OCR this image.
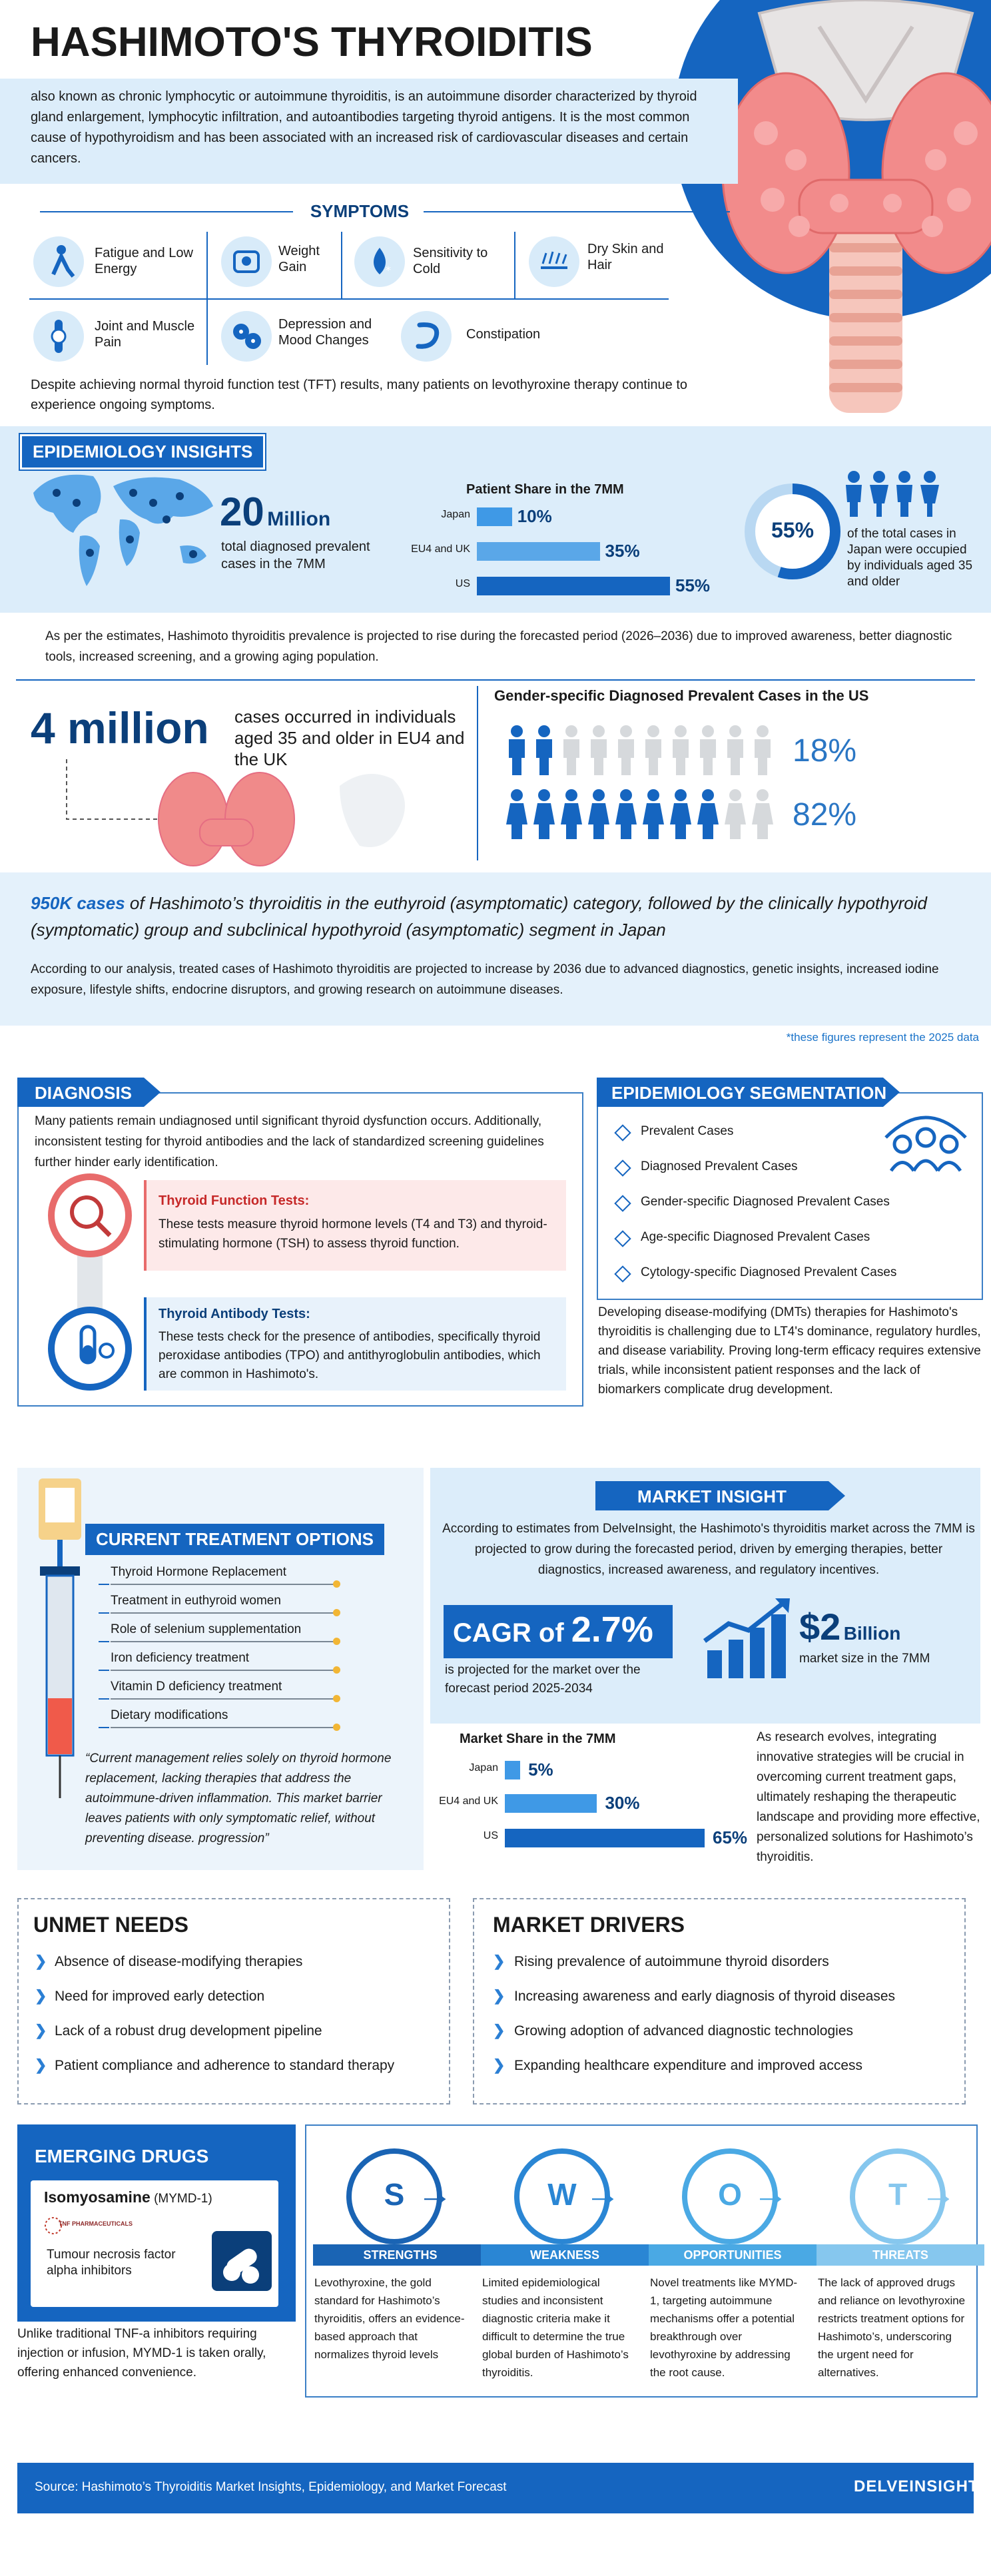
HASHIMOTO'S THYROIDITIS

also known as chronic lymphocytic or autoimmune thyroiditis, is an autoimmune disorder characterized by thyroid gland enlargement, lymphocytic infiltration, and autoantibodies targeting thyroid antigens. It is the most common cause of hypothyroidism and has been associated with an increased risk of cardiovascular diseases and certain cancers.

SYMPTOMS
*
Fatigue and Low Energy
Weight Gain
Sensitivity to Cold
Dry Skin and Hair
Joint and Muscle Pain
Depression and Mood Changes	Constipation

Despite achieving normal thyroid function test (TFT) results, many patients on levothyroxine therapy continue to experience ongoing symptoms.

EPIDEMIOLOGY INSIGHTS
20 Million

total diagnosed prevalent cases in the 7MM

Patient Share in the 7MM
55%	of the total cases in Japan were occupied by individuals aged 35 and older

As per the estimates, Hashimoto thyroiditis prevalence is projected to rise during the forecasted period (2026–2036) due to improved awareness, better diagnostic tools, increased screening, and a growing aging population.

4 million cases occurred in individuals aged 35 and older in EU4 and the UK

Gender-specific Diagnosed Prevalent Cases in the US
18%
82%

950K cases of Hashimoto’s thyroiditis in the euthyroid (asymptomatic) category, followed by the clinically hypothyroid (symptomatic) group and subclinical hypothyroid (asymptomatic) segment in Japan

According to our analysis, treated cases of Hashimoto thyroiditis are projected to increase by 2036 due to advanced diagnostics, genetic insights, increased iodine exposure, lifestyle shifts, endocrine disruptors, and growing research on autoimmune diseases.

*these figures represent the 2025 data
DIAGNOSIS

Many patients remain undiagnosed until significant thyroid dysfunction occurs. Additionally, inconsistent testing for thyroid antibodies and the lack of standardized screening guidelines further hinder early identification.

Thyroid Function Tests:

These tests measure thyroid hormone levels (T4 and T3) and thyroid-stimulating hormone (TSH) to assess thyroid function.

Thyroid Antibody Tests:

These tests check for the presence of antibodies, specifically thyroid peroxidase antibodies (TPO) and antithyroglobulin antibodies, which are common in Hashimoto's.

EPIDEMIOLOGY SEGMENTATION

Developing disease-modifying (DMTs) therapies for Hashimoto's thyroiditis is challenging due to LT4's dominance, regulatory hurdles, and disease variability. Proving long-term efficacy requires extensive trials, while inconsistent patient responses and the lack of biomarkers complicate drug development.

CURRENT TREATMENT OPTIONS

“Current management relies solely on thyroid hormone replacement, lacking therapies that address the autoimmune-driven inflammation. This market barrier leaves patients with only symptomatic relief, without preventing disease. progression”

MARKET INSIGHT

According to estimates from DelveInsight, the Hashimoto's thyroiditis market across the 7MM is projected to grow during the forecasted period, driven by emerging therapies, better diagnostics, increased awareness, and regulatory incentives.

CAGR of 2.7%

is projected for the market over the forecast period 2025-2034

$2 Billion
market size in the 7MM
Market Share in the 7MM	As research evolves, integrating innovative strategies will be crucial in overcoming current treatment gaps, ultimately reshaping the therapeutic landscape and providing more effective, personalized solutions for Hashimoto’s thyroiditis.

UNMET NEEDS	MARKET DRIVERS
EMERGING DRUGS
Isomyosamine (MYMD-1)
TNF PHARMACEUTICALS

Tumour necrosis factor alpha inhibitors

Unlike traditional TNF-a inhibitors requiring injection or infusion, MYMD-1 is taken orally, offering enhanced convenience.

Source: Hashimoto’s Thyroiditis Market Insights, Epidemiology, and Market Forecast	DELVEINSIGHT
Japan	10%
EU4 and UK	35%
US	55%
Prevalent Cases
Diagnosed Prevalent Cases
Gender-specific Diagnosed Prevalent Cases
Age-specific Diagnosed Prevalent Cases
Cytology-specific Diagnosed Prevalent Cases
Thyroid Hormone Replacement
Treatment in euthyroid women
Role of selenium supplementation
Iron deficiency treatment
Vitamin D deficiency treatment
Dietary modifications
Japan 5%
EU4 and UK	30%
US	65%
❯ Absence of disease-modifying therapies
❯ Need for improved early detection
❯ Lack of a robust drug development pipeline
❯ Patient compliance and adherence to standard therapy
❯ Rising prevalence of autoimmune thyroid disorders
❯ Increasing awareness and early diagnosis of thyroid diseases
❯ Growing adoption of advanced diagnostic technologies
❯ Expanding healthcare expenditure and improved access
S →
STRENGTHS

Levothyroxine, the gold standard for Hashimoto’s thyroiditis, offers an evidence-based approach that normalizes thyroid levels

W →
WEAKNESS

Limited epidemiological studies and inconsistent diagnostic criteria make it difficult to determine the true global burden of Hashimoto’s thyroiditis.

O →
OPPORTUNITIES

Novel treatments like MYMD-1, targeting autoimmune mechanisms offer a potential breakthrough over levothyroxine by addressing the root cause.

T →
THREATS

The lack of approved drugs and reliance on levothyroxine restricts treatment options for Hashimoto’s, underscoring the urgent need for alternatives.
